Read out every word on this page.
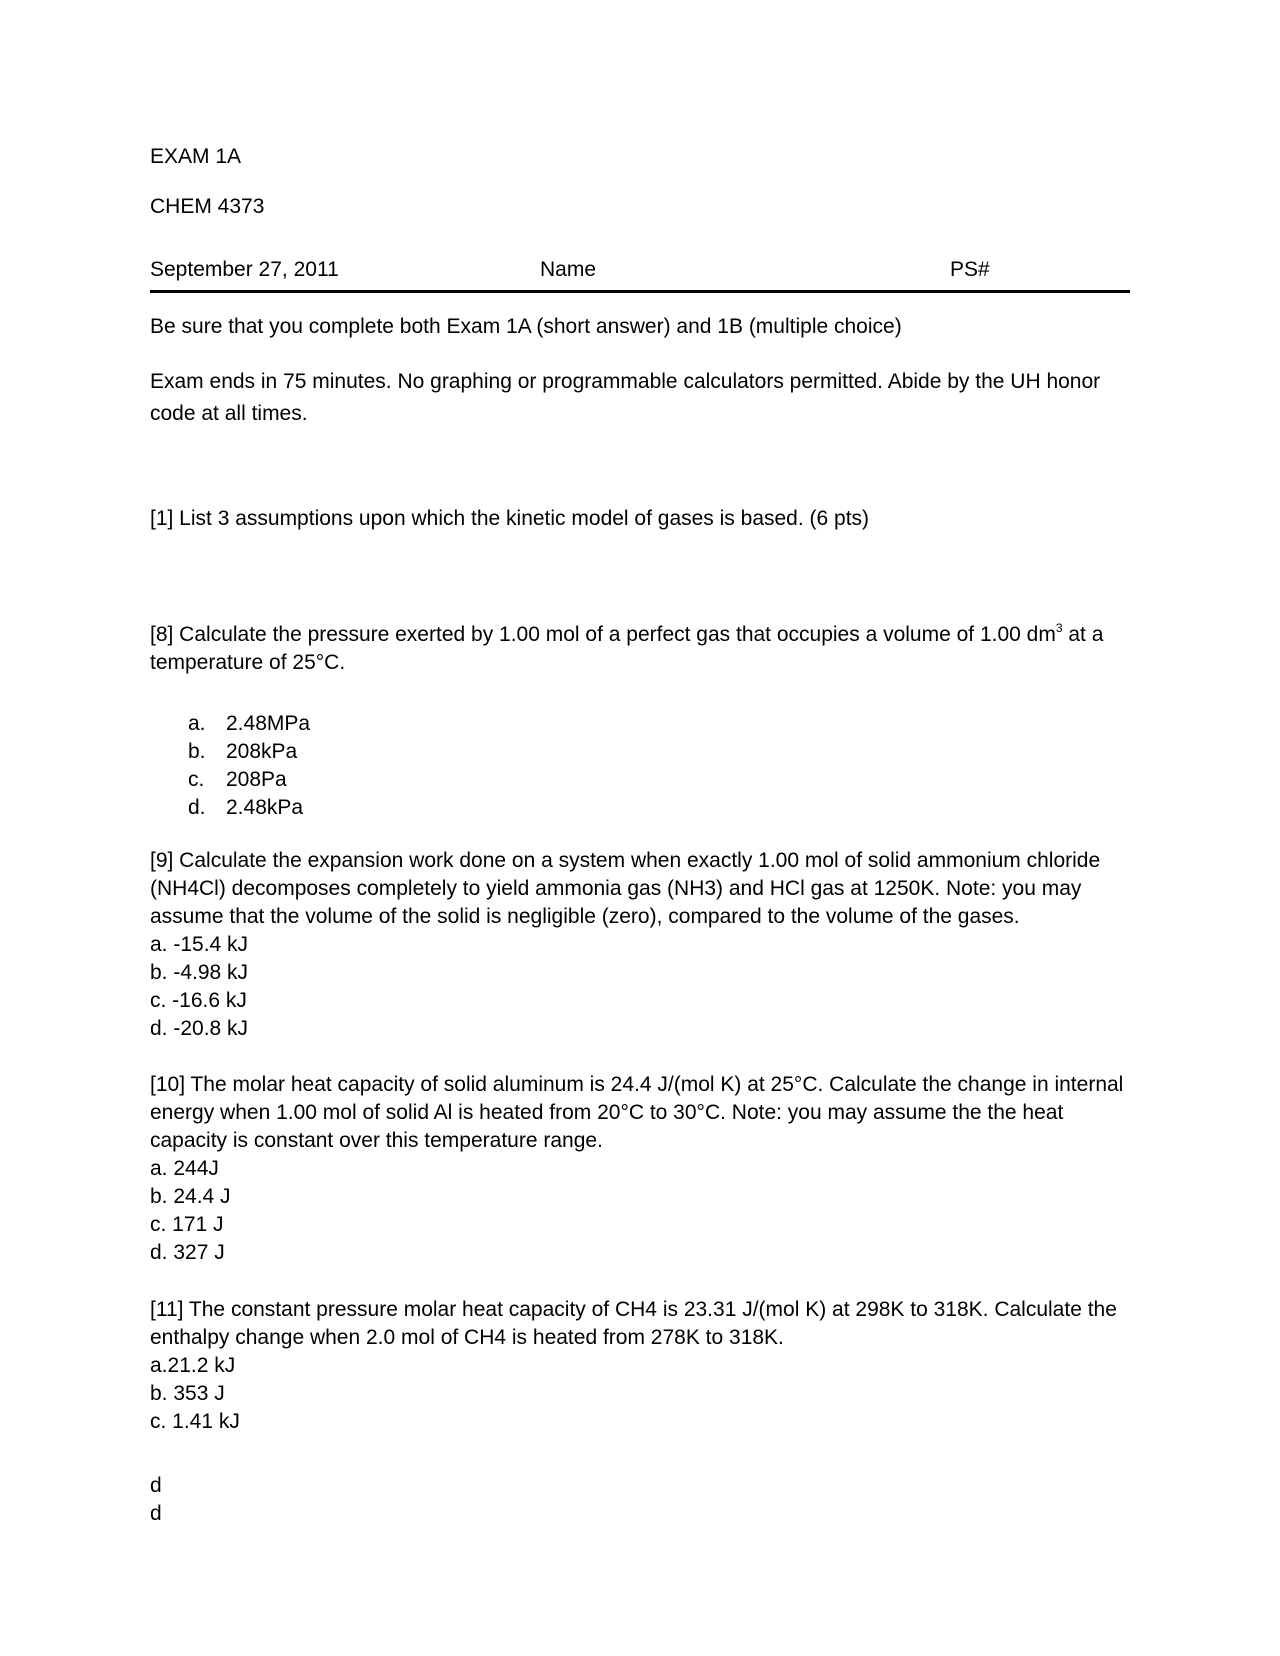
EXAM 1A
CHEM 4373
September 27, 2011	Name	PS#
Be sure that you complete both Exam 1A (short answer) and 1B (multiple choice)
Exam ends in 75 minutes. No graphing or programmable calculators permitted. Abide by the UH honor code at all times.
[1] List 3 assumptions upon which the kinetic model of gases is based. (6 pts)
[8] Calculate the pressure exerted by 1.00 mol of a perfect gas that occupies a volume of 1.00 $dm^3$ at a temperature of 25°C.
a. 2.48MPa
b. 208kPa
c. 208Pa
d. 2.48kPa
[9] Calculate the expansion work done on a system when exactly 1.00 mol of solid ammonium chloride (NH4Cl) decomposes completely to yield ammonia gas (NH3) and HCl gas at 1250K. Note: you may assume that the volume of the solid is negligible (zero), compared to the volume of the gases.
a. -15.4 kJ
b. -4.98 kJ
c. -16.6 kJ
d. -20.8 kJ
[10] The molar heat capacity of solid aluminum is 24.4 J/(mol K) at 25°C. Calculate the change in internal energy when 1.00 mol of solid Al is heated from 20°C to 30°C. Note: you may assume the the heat capacity is constant over this temperature range.
a. 244J
b. 24.4 J
c. 171 J
d. 327 J
[11] The constant pressure molar heat capacity of CH4 is 23.31 J/(mol K) at 298K to 318K. Calculate the enthalpy change when 2.0 mol of CH4 is heated from 278K to 318K.
a.21.2 kJ
b. 353 J
c. 1.41 kJ
d
d
